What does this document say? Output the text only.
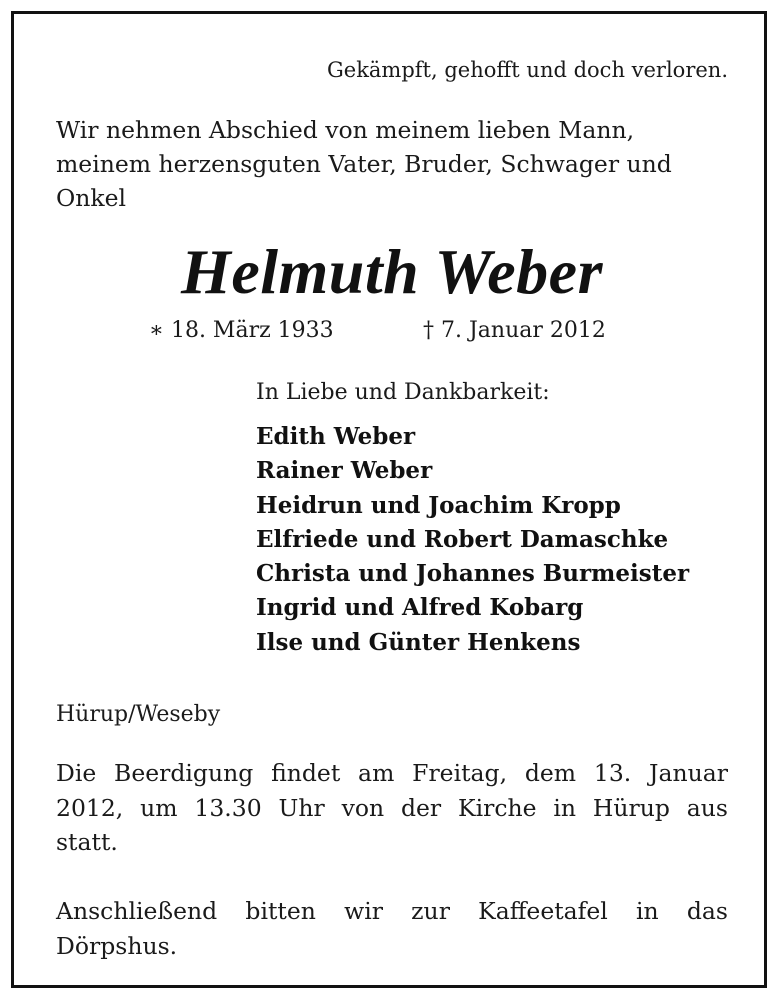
Gekämpft, gehofft und doch verloren.
Wir nehmen Abschied von meinem lieben Mann,
meinem herzensguten Vater, Bruder, Schwager und
Onkel
Helmuth Weber
∗ 18. März 1933	† 7. Januar 2012
In Liebe und Dankbarkeit:
Edith Weber
Rainer Weber
Heidrun und Joachim Kropp
Elfriede und Robert Damaschke
Christa und Johannes Burmeister
Ingrid und Alfred Kobarg
Ilse und Günter Henkens
Hürup/Weseby
Die Beerdigung findet am Freitag, dem 13. Januar
2012, um 13.30 Uhr von der Kirche in Hürup aus
statt.
Anschließend bitten wir zur Kaffeetafel in das
Dörpshus.
